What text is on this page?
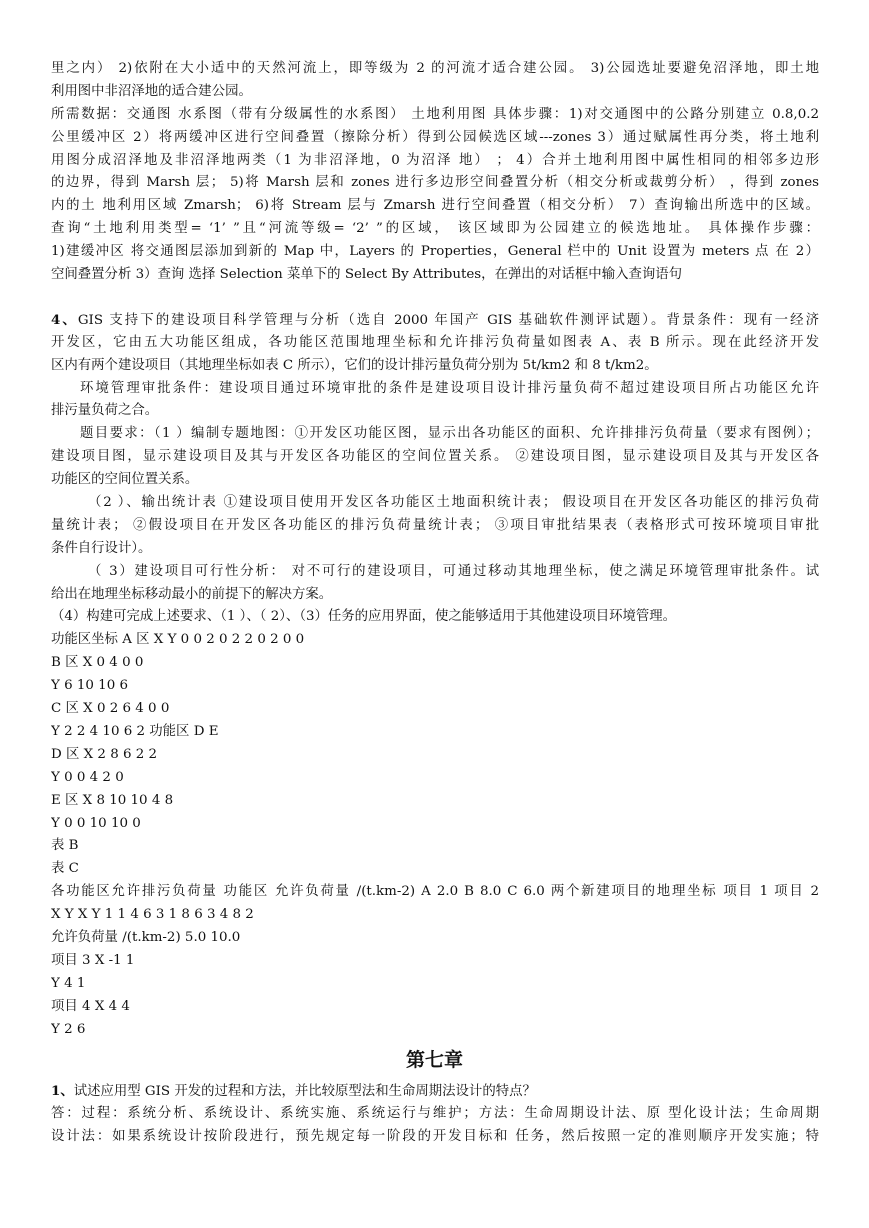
里之内） 2)依附在大小适中的天然河流上，即等级为 2 的河流才适合建公园。 3)公园选址要避免沼泽地，即土地
利用图中非沼泽地的适合建公园。
所需数据：交通图 水系图（带有分级属性的水系图） 土地利用图 具体步骤：1)对交通图中的公路分别建立 0.8,0.2
公里缓冲区 2）将两缓冲区进行空间叠置（擦除分析）得到公园候选区域---zones 3）通过赋属性再分类，将土地利
用图分成沼泽地及非沼泽地两类（1 为非沼泽地，0 为沼泽 地） ； 4）合并土地利用图中属性相同的相邻多边形
的边界，得到 Marsh 层； 5)将 Marsh 层和 zones 进行多边形空间叠置分析（相交分析或裁剪分析） ，得到 zones
内的土 地利用区域 Zmarsh； 6)将 Stream 层与 Zmarsh 进行空间叠置（相交分析） 7）查询输出所选中的区域。
查询“土地利用类型= ‘1’ ”且“河流等级= ‘2’ ”的区域， 该区域即为公园建立的候选地址。 具体操作步骤：
1)建缓冲区 将交通图层添加到新的 Map 中，Layers 的 Properties，General 栏中的 Unit 设置为 meters 点 在 2）
空间叠置分析 3）查询 选择 Selection 菜单下的 Select By Attributes，在弹出的对话框中输入查询语句
4、GIS 支持下的建设项目科学管理与分析（选自 2000 年国产 GIS 基础软件测评试题）。背景条件：现有一经济
开发区，它由五大功能区组成，各功能区范围地理坐标和允许排污负荷量如图表 A、表 B 所示。现在此经济开发
区内有两个建设项目（其地理坐标如表 C 所示），它们的设计排污量负荷分别为 5t/km2 和 8 t/km2。
环境管理审批条件：建设项目通过环境审批的条件是建设项目设计排污量负荷不超过建设项目所占功能区允许
排污量负荷之合。
题目要求：（1 ）编制专题地图：①开发区功能区图，显示出各功能区的面积、允许排排污负荷量（要求有图例）；
建设项目图，显示建设项目及其与开发区各功能区的空间位置关系。 ②建设项目图，显示建设项目及其与开发区各
功能区的空间位置关系。
（2 ）、输出统计表 ①建设项目使用开发区各功能区土地面积统计表； 假设项目在开发区各功能区的排污负荷
量统计表； ②假设项目在开发区各功能区的排污负荷量统计表； ③项目审批结果表（表格形式可按环境项目审批
条件自行设计）。
（ 3）建设项目可行性分析： 对不可行的建设项目，可通过移动其地理坐标，使之满足环境管理审批条件。试
给出在地理坐标移动最小的前提下的解决方案。
（4）构建可完成上述要求、（1 ）、（ 2）、（3）任务的应用界面，使之能够适用于其他建设项目环境管理。
功能区坐标 A 区 X Y 0 0 2 0 2 2 0 2 0 0
B 区 X 0 4 0 0
Y 6 10 10 6
C 区 X 0 2 6 4 0 0
Y 2 2 4 10 6 2 功能区 D E
D 区 X 2 8 6 2 2
Y 0 0 4 2 0
E 区 X 8 10 10 4 8
Y 0 0 10 10 0
表 B
表 C
各功能区允许排污负荷量 功能区 允许负荷量 /(t.km-2) A 2.0 B 8.0 C 6.0 两个新建项目的地理坐标 项目 1 项目 2
X Y X Y 1 1 4 6 3 1 8 6 3 4 8 2
允许负荷量 /(t.km-2) 5.0 10.0
项目 3 X -1 1
Y 4 1
项目 4 X 4 4
Y 2 6
第七章
1、试述应用型 GIS 开发的过程和方法，并比较原型法和生命周期法设计的特点？
答：过程：系统分析、系统设计、系统实施、系统运行与维护；方法：生命周期设计法、原 型化设计法；生命周期
设计法：如果系统设计按阶段进行，预先规定每一阶段的开发目标和 任务，然后按照一定的准则顺序开发实施；特
